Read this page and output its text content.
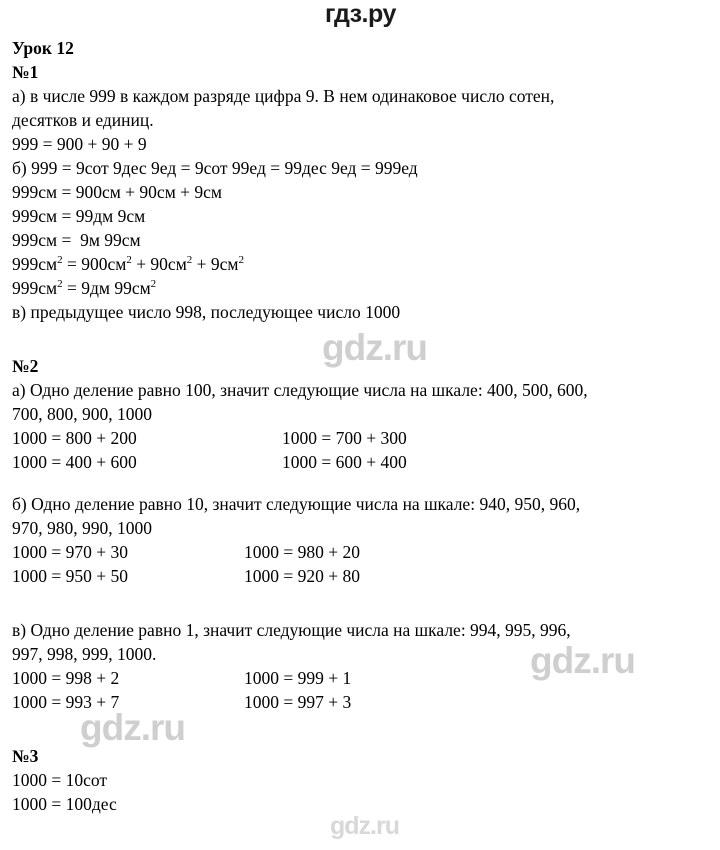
гдз.ру
Урок 12
№1
а) в числе 999 в каждом разряде цифра 9. В нем одинаковое число сотен,
десятков и единиц.
999 = 900 + 90 + 9
б) 999 = 9сот 9дес 9ед = 9сот 99ед = 99дес 9ед = 999ед
999см = 900см + 90см + 9см
999см = 99дм 9см
999см =  9м 99см
$999см^2 = 900см^2 + 90см^2 + 9см^2$
$999см^2 = 9дм$ $99см^2$
в) предыдущее число 998, последующее число 1000
№2
а) Одно деление равно 100, значит следующие числа на шкале: 400, 500, 600,
700, 800, 900, 1000
1000 = 800 + 200	1000 = 700 + 300
1000 = 400 + 600	1000 = 600 + 400
б) Одно деление равно 10, значит следующие числа на шкале: 940, 950, 960,
970, 980, 990, 1000
1000 = 970 + 30	1000 = 980 + 20
1000 = 950 + 50	1000 = 920 + 80
в) Одно деление равно 1, значит следующие числа на шкале: 994, 995, 996,
997, 998, 999, 1000.
1000 = 998 + 2	1000 = 999 + 1
1000 = 993 + 7	1000 = 997 + 3
№3
1000 = 10сот
1000 = 100дес
gdz.ru
gdz.ru
gdz.ru
gdz.ru
